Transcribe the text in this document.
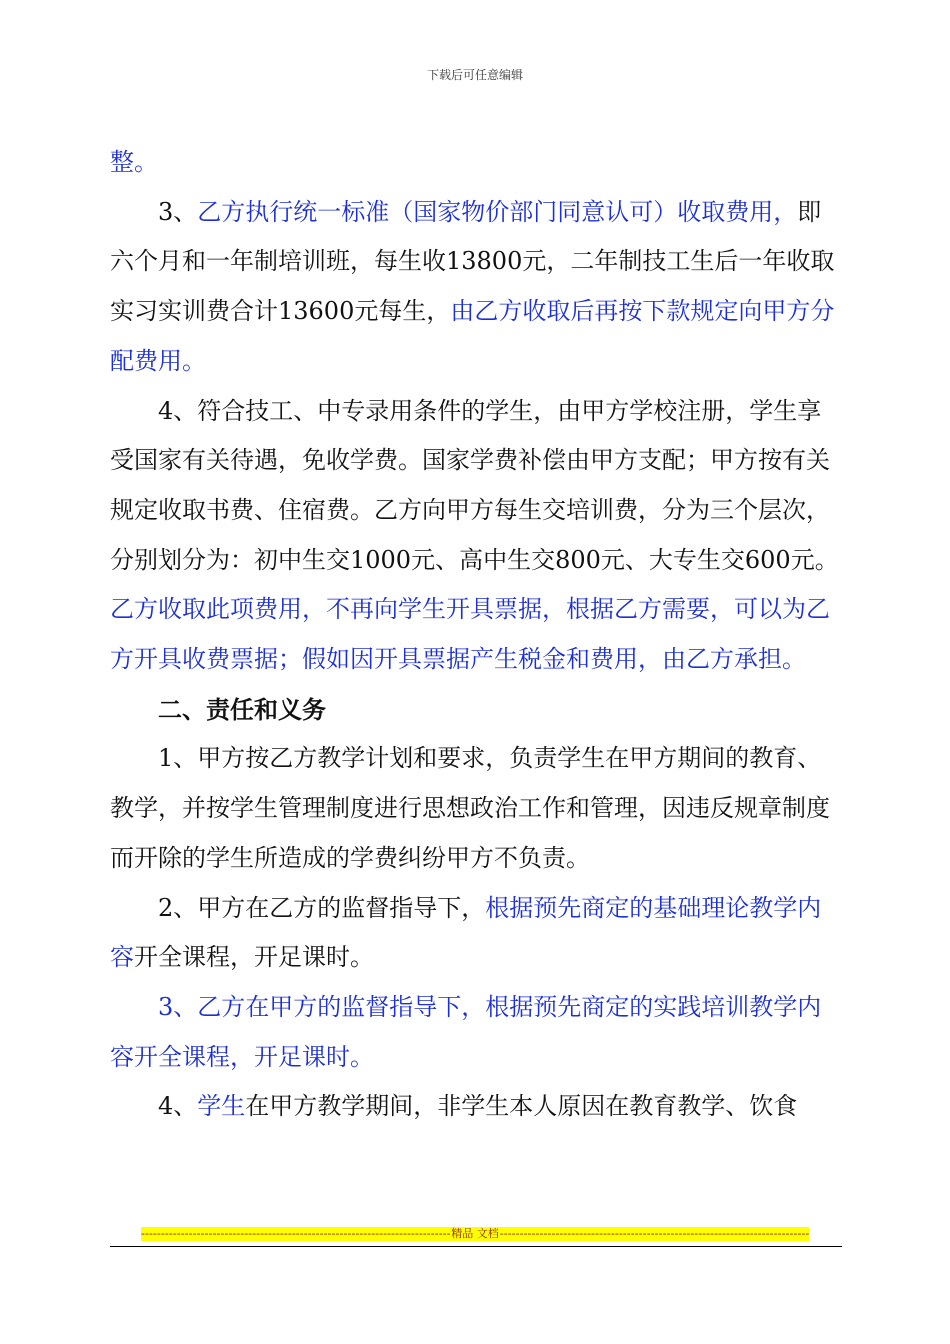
下载后可任意编辑

整。

3、乙方执行统一标准（国家物价部门同意认可）收取费用，即六个月和一年制培训班，每生收13800元，二年制技工生后一年收取实习实训费合计13600元每生，由乙方收取后再按下款规定向甲方分配费用。

4、符合技工、中专录用条件的学生，由甲方学校注册，学生享受国家有关待遇，免收学费。国家学费补偿由甲方支配；甲方按有关规定收取书费、住宿费。乙方向甲方每生交培训费，分为三个层次，分别划分为：初中生交1000元、高中生交800元、大专生交600元。乙方收取此项费用，不再向学生开具票据，根据乙方需要，可以为乙方开具收费票据；假如因开具票据产生税金和费用，由乙方承担。

二、责任和义务

1、甲方按乙方教学计划和要求，负责学生在甲方期间的教育、教学，并按学生管理制度进行思想政治工作和管理，因违反规章制度而开除的学生所造成的学费纠纷甲方不负责。

2、甲方在乙方的监督指导下，根据预先商定的基础理论教学内容开全课程，开足课时。

3、乙方在甲方的监督指导下，根据预先商定的实践培训教学内容开全课程，开足课时。

4、学生在甲方教学期间，非学生本人原因在教育教学、饮食

-----
精品 文档
-----
